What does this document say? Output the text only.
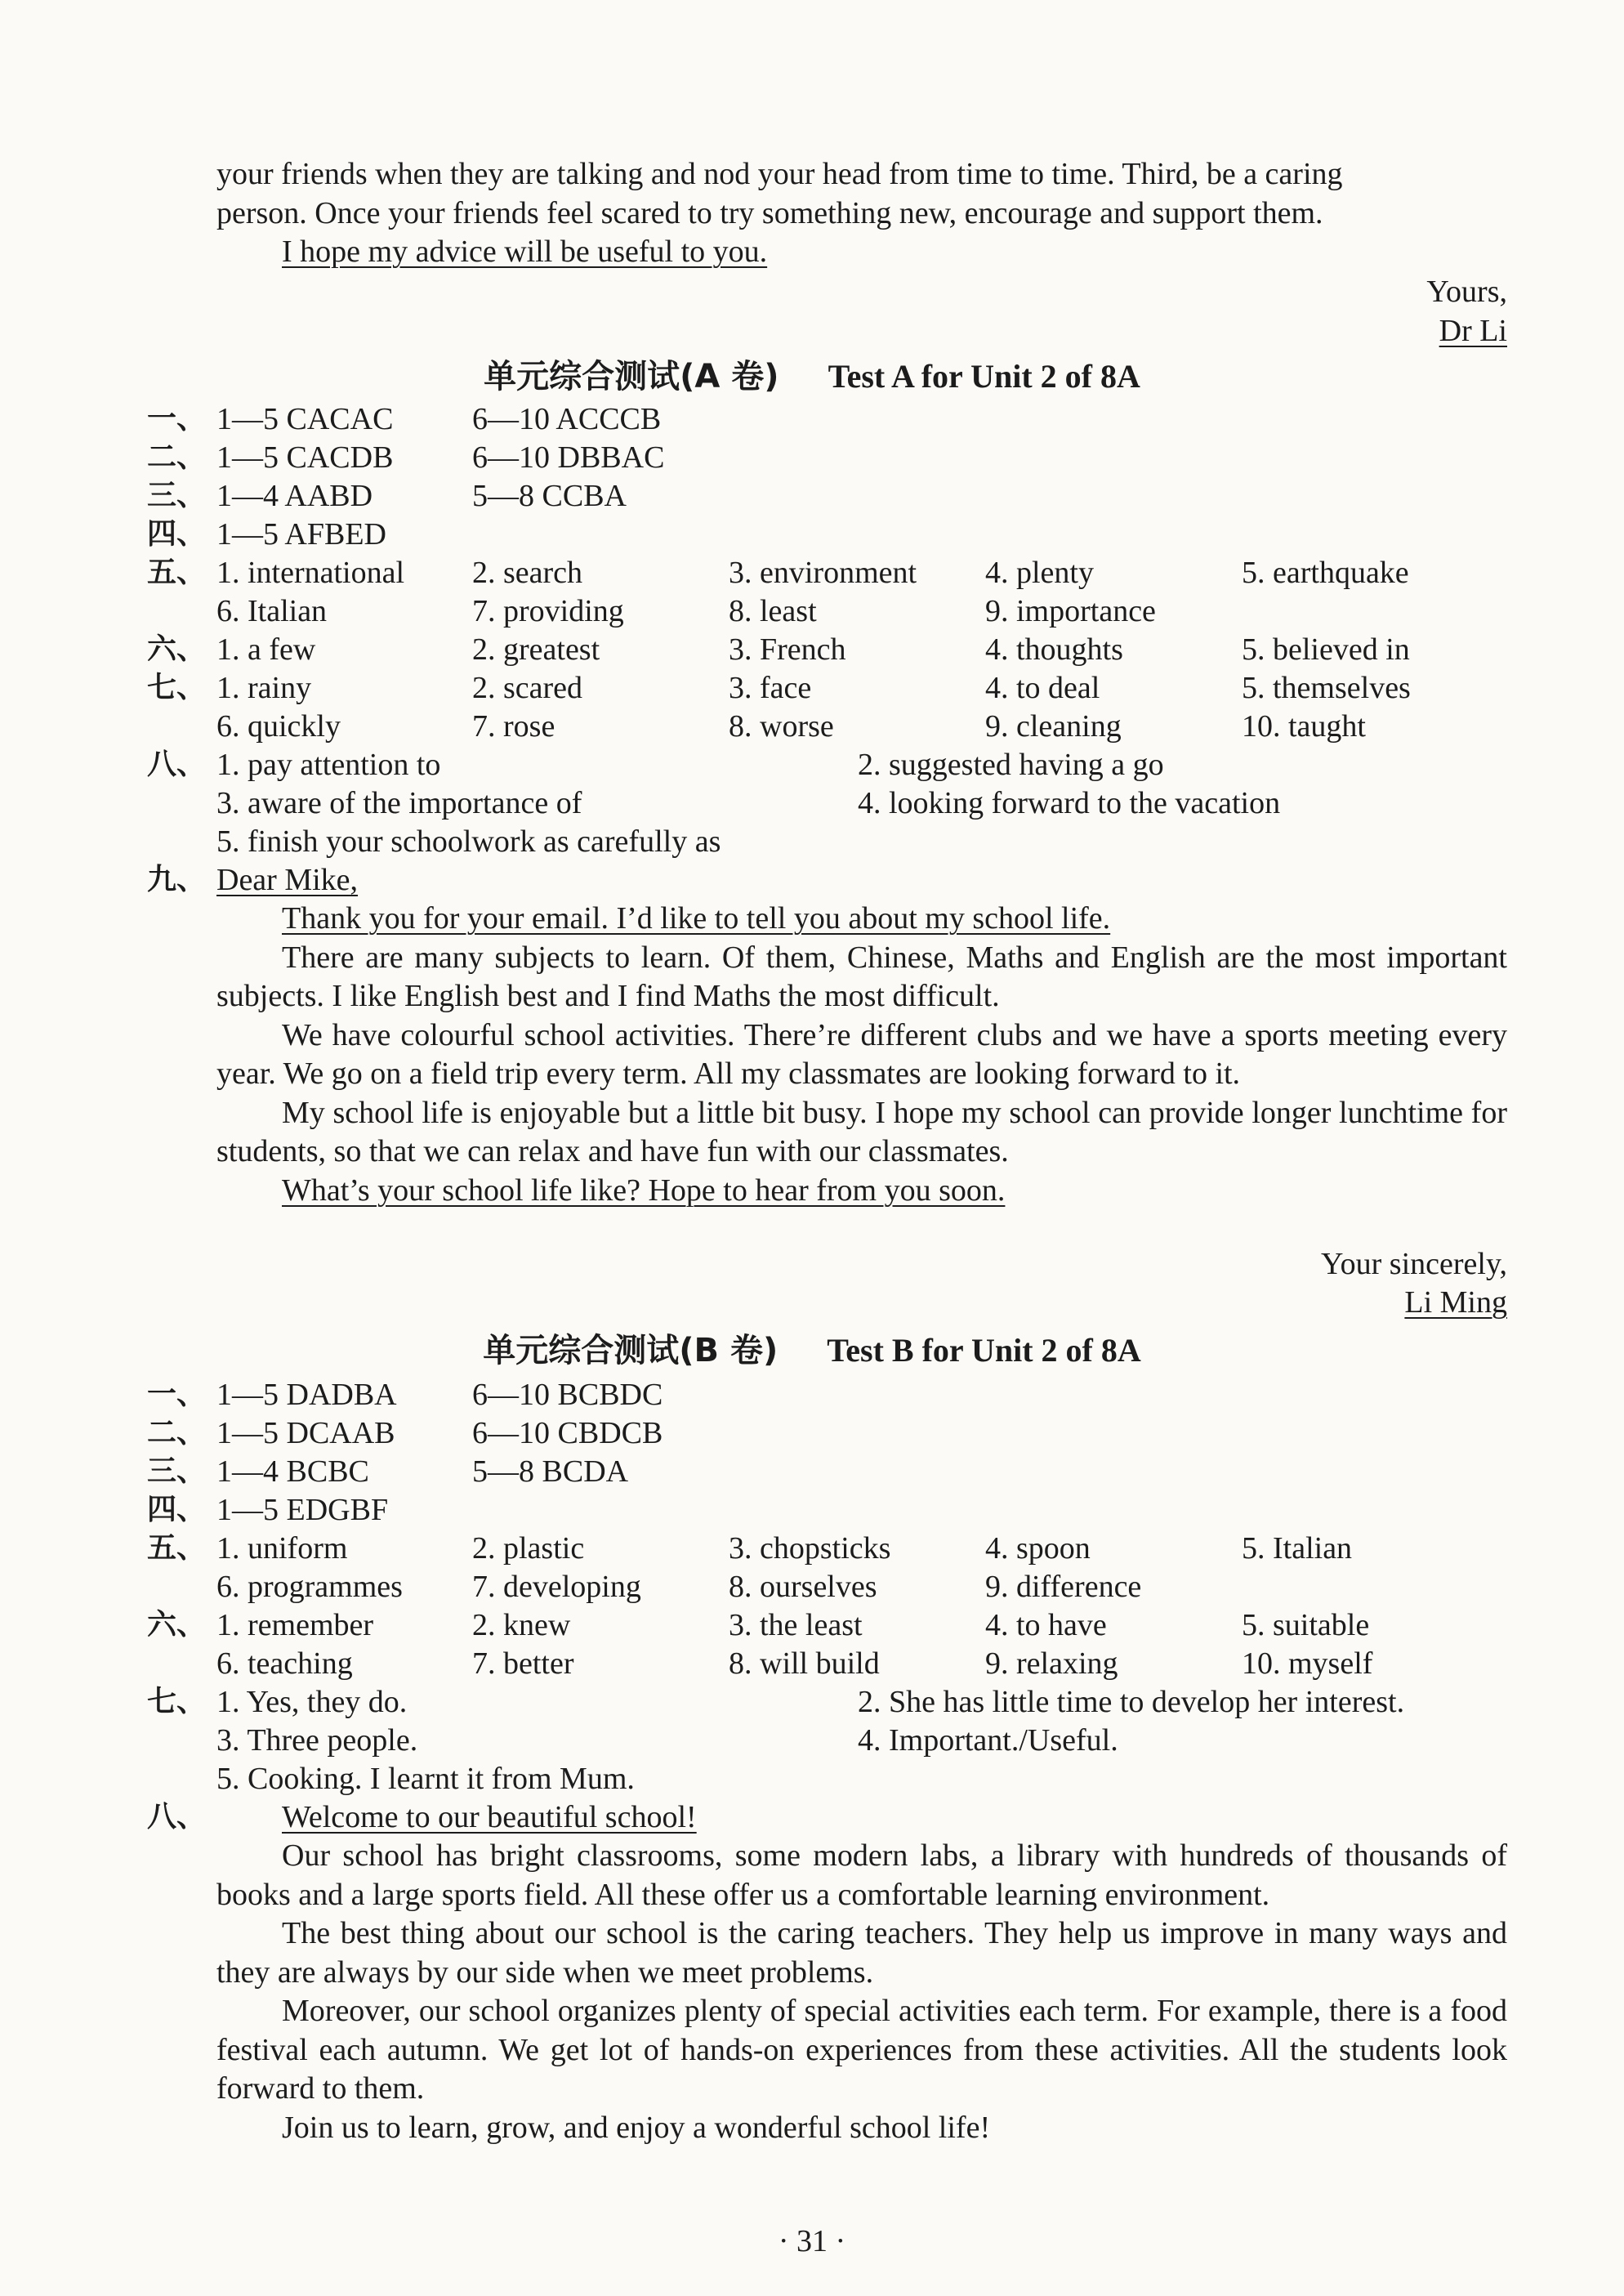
your friends when they are talking and nod your head from time to time. Third, be a caring
person. Once your friends feel scared to try something new, encourage and support them.
I hope my advice will be useful to you.
Yours,
Dr Li
单元综合测试(A 卷) Test A for Unit 2 of 8A
一、 1—5 CACAC	6—10 ACCCB
二、 1—5 CACDB	6—10 DBBAC
三、 1—4 AABD	5—8 CCBA
四、 1—5 AFBED
五、 1. international 2. search	3. environment 4. plenty	5. earthquake
6. Italian	7. providing	8. least	9. importance
六、 1. a few	2. greatest	3. French	4. thoughts	5. believed in
七、 1. rainy	2. scared	3. face	4. to deal	5. themselves
6. quickly	7. rose	8. worse	9. cleaning	10. taught
八、 1. pay attention to	2. suggested having a go
3. aware of the importance of	4. looking forward to the vacation
5. finish your schoolwork as carefully as
九、 Dear Mike,
Thank you for your email. I’d like to tell you about my school life.
There are many subjects to learn. Of them, Chinese, Maths and English are the most important subjects. I like English best and I find Maths the most difficult.
We have colourful school activities. There’re different clubs and we have a sports meeting every year. We go on a field trip every term. All my classmates are looking forward to it.
My school life is enjoyable but a little bit busy. I hope my school can provide longer lunchtime for students, so that we can relax and have fun with our classmates.
What’s your school life like? Hope to hear from you soon.
Your sincerely,
Li Ming
单元综合测试(B 卷) Test B for Unit 2 of 8A
一、 1—5 DADBA 6—10 BCBDC
二、 1—5 DCAAB 6—10 CBDCB
三、 1—4 BCBC	5—8 BCDA
四、 1—5 EDGBF
五、 1. uniform	2. plastic	3. chopsticks	4. spoon	5. Italian
6. programmes 7. developing	8. ourselves	9. difference
六、 1. remember	2. knew	3. the least	4. to have	5. suitable
6. teaching	7. better	8. will build	9. relaxing	10. myself
七、 1. Yes, they do.	2. She has little time to develop her interest.
3. Three people.	4. Important./Useful.
5. Cooking. I learnt it from Mum.
八、 Welcome to our beautiful school!
Our school has bright classrooms, some modern labs, a library with hundreds of thousands of books and a large sports field. All these offer us a comfortable learning environment.
The best thing about our school is the caring teachers. They help us improve in many ways and they are always by our side when we meet problems.
Moreover, our school organizes plenty of special activities each term. For example, there is a food festival each autumn. We get lot of hands-on experiences from these activities. All the students look forward to them.
Join us to learn, grow, and enjoy a wonderful school life!
· 31 ·
